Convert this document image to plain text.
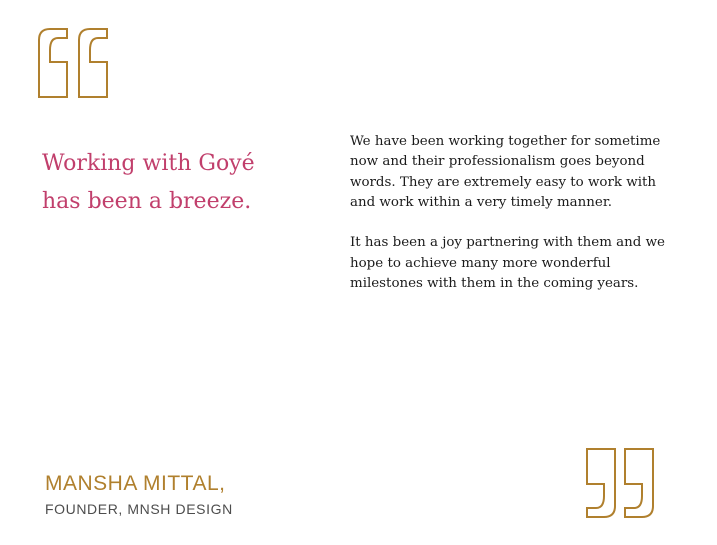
Working with Goyé
has been a breeze.

We have been working together for sometime now and their professionalism goes beyond words. They are extremely easy to work with and work within a very timely manner.

It has been a joy partnering with them and we hope to achieve many more wonderful milestones with them in the coming years.

MANSHA MITTAL,
FOUNDER, MNSH DESIGN
